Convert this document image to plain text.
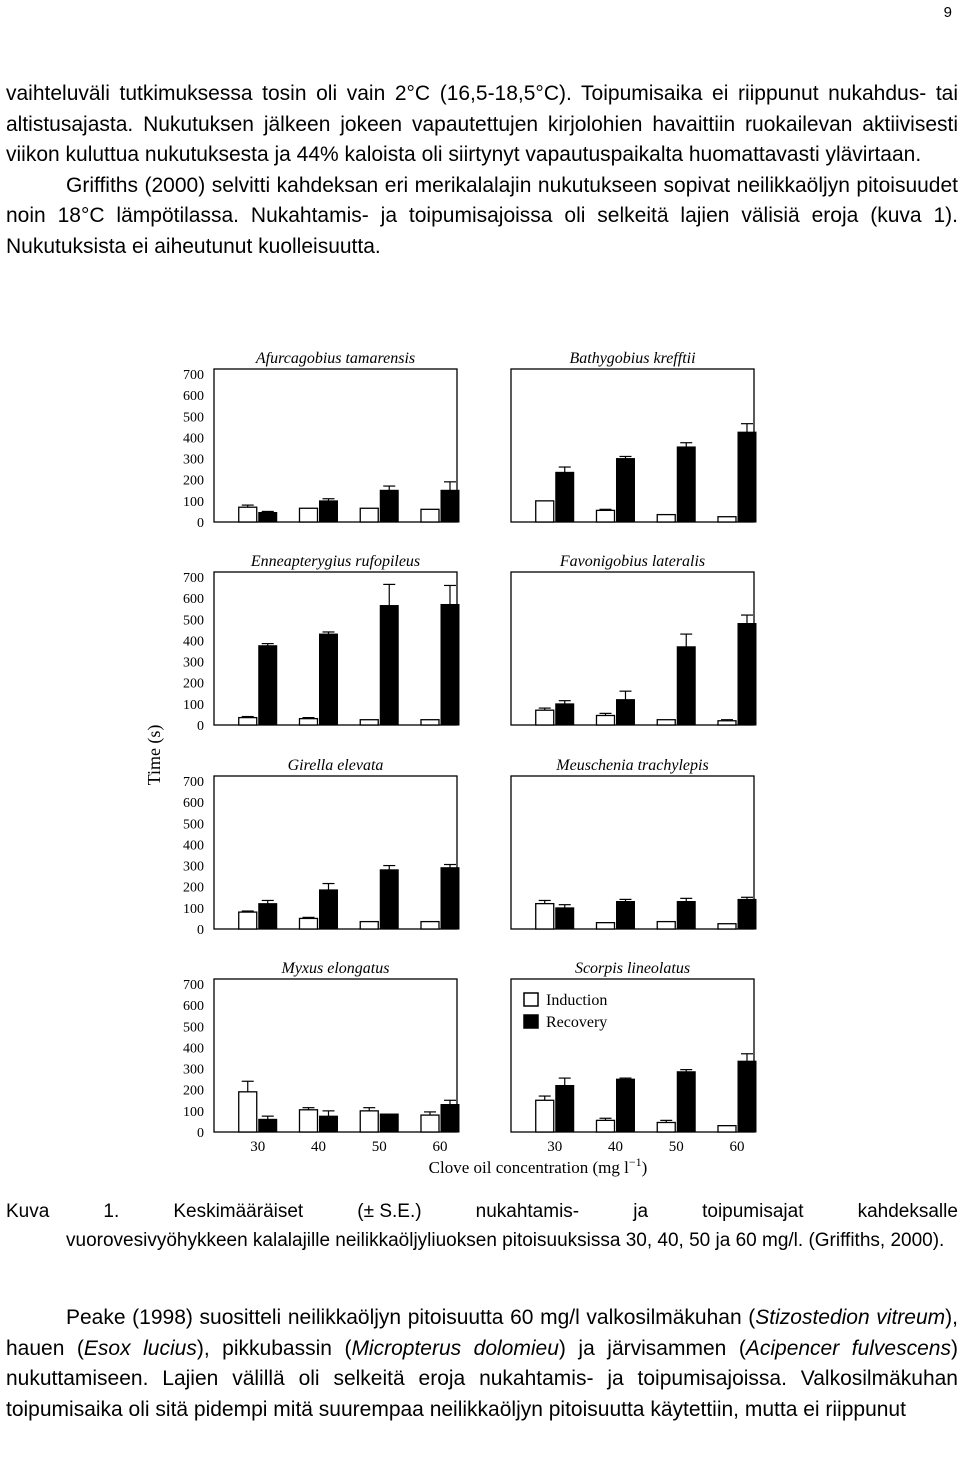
9

vaihteluväli tutkimuksessa tosin oli vain 2°C (16,5-18,5°C). Toipumisaika ei riippunut nukahdus- tai altistusajasta. Nukutuksen jälkeen jokeen vapautettujen kirjolohien havaittiin ruokailevan aktiivisesti viikon kuluttua nukutuksesta ja 44% kaloista oli siirtynyt vapautuspaikalta huomattavasti ylävirtaan.
Griffiths (2000) selvitti kahdeksan eri merikalalajin nukutukseen sopivat neilikkaöljyn pitoisuudet noin 18°C lämpötilassa. Nukahtamis- ja toipumisajoissa oli selkeitä lajien välisiä eroja (kuva 1). Nukutuksista ei aiheutunut kuolleisuutta.

Afurcagobius tamarensis
0
100
200
300
400
500
600
700
Bathygobius krefftii
Enneapterygius rufopileus
0
100
200
300
400
500
600
700
Favonigobius lateralis
Girella elevata
0
100
200
300
400
500
600
700
Meuschenia trachylepis
Myxus elongatus
0
100
200
300
400
500
600
700
30	40	50	60
Scorpis lineolatus
30	40	50	60
Time (s)
Clove oil concentration (mg $l^{-1}$)
Induction
Recovery
Kuva	1.	Keskimääräiset	(± S.E.)	nukahtamis-	ja	toipumisajat	kahdeksalle
vuorovesivyöhykkeen kalalajille neilikkaöljyliuoksen pitoisuuksissa 30, 40, 50 ja 60 mg/l. (Griffiths, 2000).

Peake (1998) suositteli neilikkaöljyn pitoisuutta 60 mg/l valkosilmäkuhan (Stizostedion vitreum), hauen (Esox lucius), pikkubassin (Micropterus dolomieu) ja järvisammen (Acipencer fulvescens) nukuttamiseen. Lajien välillä oli selkeitä eroja nukahtamis- ja toipumisajoissa. Valkosilmäkuhan toipumisaika oli sitä pidempi mitä suurempaa neilikkaöljyn pitoisuutta käytettiin, mutta ei riippunut
